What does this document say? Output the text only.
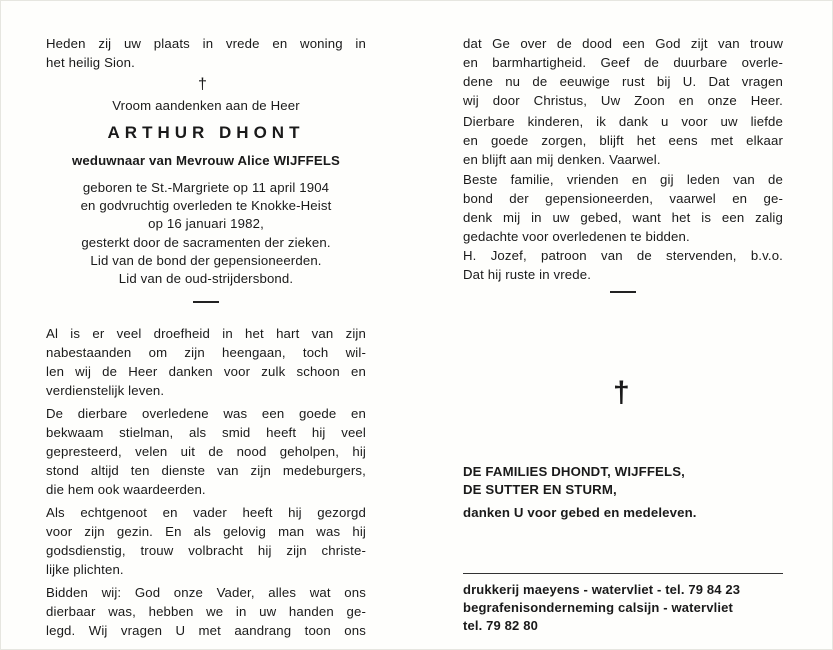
Heden zij uw plaats in vrede en woning in
het heilig Sion.
†
Vroom aandenken aan de Heer
ARTHUR DHONT
weduwnaar van Mevrouw Alice WIJFFELS
geboren te St.-Margriete op 11 april 1904
en godvruchtig overleden te Knokke-Heist
op 16 januari 1982,
gesterkt door de sacramenten der zieken.
Lid van de bond der gepensioneerden.
Lid van de oud-strijdersbond.
Al is er veel droefheid in het hart van zijn
nabestaanden om zijn heengaan, toch wil-
len wij de Heer danken voor zulk schoon en
verdienstelijk leven.
De dierbare overledene was een goede en
bekwaam stielman, als smid heeft hij veel
gepresteerd, velen uit de nood geholpen, hij
stond altijd ten dienste van zijn medeburgers,
die hem ook waardeerden.
Als echtgenoot en vader heeft hij gezorgd
voor zijn gezin. En als gelovig man was hij
godsdienstig, trouw volbracht hij zijn christe-
lijke plichten.
Bidden wij: God onze Vader, alles wat ons
dierbaar was, hebben we in uw handen ge-
legd. Wij vragen U met aandrang toon ons
dat Ge over de dood een God zijt van trouw
en barmhartigheid. Geef de duurbare overle-
dene nu de eeuwige rust bij U. Dat vragen
wij door Christus, Uw Zoon en onze Heer.
Dierbare kinderen, ik dank u voor uw liefde
en goede zorgen, blijft het eens met elkaar
en blijft aan mij denken. Vaarwel.
Beste familie, vrienden en gij leden van de
bond der gepensioneerden, vaarwel en ge-
denk mij in uw gebed, want het is een zalig
gedachte voor overledenen te bidden.
H. Jozef, patroon van de stervenden, b.v.o.
Dat hij ruste in vrede.
†
DE FAMILIES DHONDT, WIJFFELS,
DE SUTTER EN STURM,
danken U voor gebed en medeleven.
drukkerij maeyens - watervliet - tel. 79 84 23
begrafenisonderneming calsijn - watervliet
tel. 79 82 80
